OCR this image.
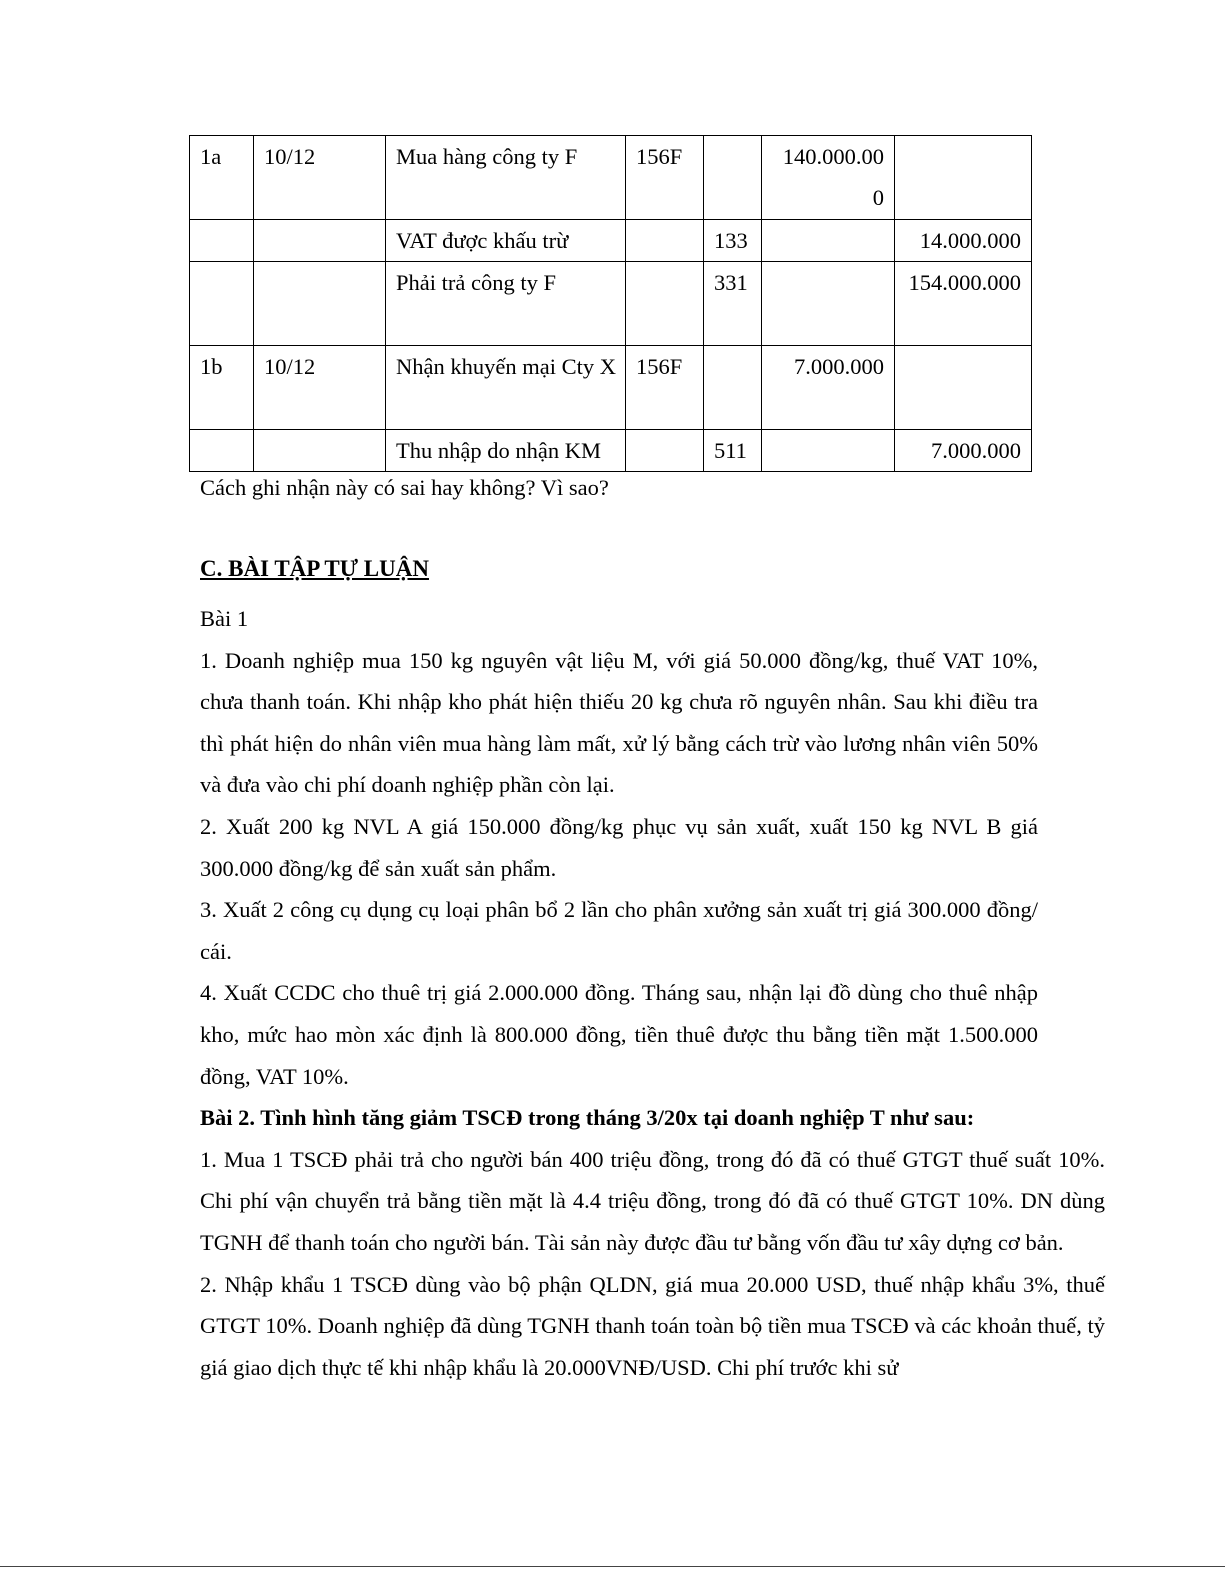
1a	10/12	Mua hàng công ty F	156F		140.000.000	
		VAT được khấu trừ		133		14.000.000
		Phải trả công ty F		331		154.000.000
1b	10/12	Nhận khuyến mại Cty X	156F		7.000.000	
		Thu nhập do nhận KM		511		7.000.000
Cách ghi nhận này có sai hay không? Vì sao?
C. BÀI TẬP TỰ LUẬN

Bài 1

1. Doanh nghiệp mua 150 kg nguyên vật liệu M, với giá 50.000 đồng/kg, thuế VAT 10%, chưa thanh toán. Khi nhập kho phát hiện thiếu 20 kg chưa rõ nguyên nhân. Sau khi điều tra thì phát hiện do nhân viên mua hàng làm mất, xử lý bằng cách trừ vào lương nhân viên 50% và đưa vào chi phí doanh nghiệp phần còn lại.

2. Xuất 200 kg NVL A giá 150.000 đồng/kg phục vụ sản xuất, xuất 150 kg NVL B giá 300.000 đồng/kg để sản xuất sản phẩm.

3. Xuất 2 công cụ dụng cụ loại phân bổ 2 lần cho phân xưởng sản xuất trị giá 300.000 đồng/ cái.

4. Xuất CCDC cho thuê trị giá 2.000.000 đồng. Tháng sau, nhận lại đồ dùng cho thuê nhập kho, mức hao mòn xác định là 800.000 đồng, tiền thuê được thu bằng tiền mặt 1.500.000 đồng, VAT 10%.

Bài 2. Tình hình tăng giảm TSCĐ trong tháng 3/20x tại doanh nghiệp T như sau:

1. Mua 1 TSCĐ phải trả cho người bán 400 triệu đồng, trong đó đã có thuế GTGT thuế suất 10%. Chi phí vận chuyển trả bằng tiền mặt là 4.4 triệu đồng, trong đó đã có thuế GTGT 10%. DN dùng TGNH để thanh toán cho người bán. Tài sản này được đầu tư bằng vốn đầu tư xây dựng cơ bản.

2. Nhập khẩu 1 TSCĐ dùng vào bộ phận QLDN, giá mua 20.000 USD, thuế nhập khẩu 3%, thuế GTGT 10%. Doanh nghiệp đã dùng TGNH thanh toán toàn bộ tiền mua TSCĐ và các khoản thuế, tỷ giá giao dịch thực tế khi nhập khẩu là 20.000VNĐ/USD. Chi phí trước khi sử
